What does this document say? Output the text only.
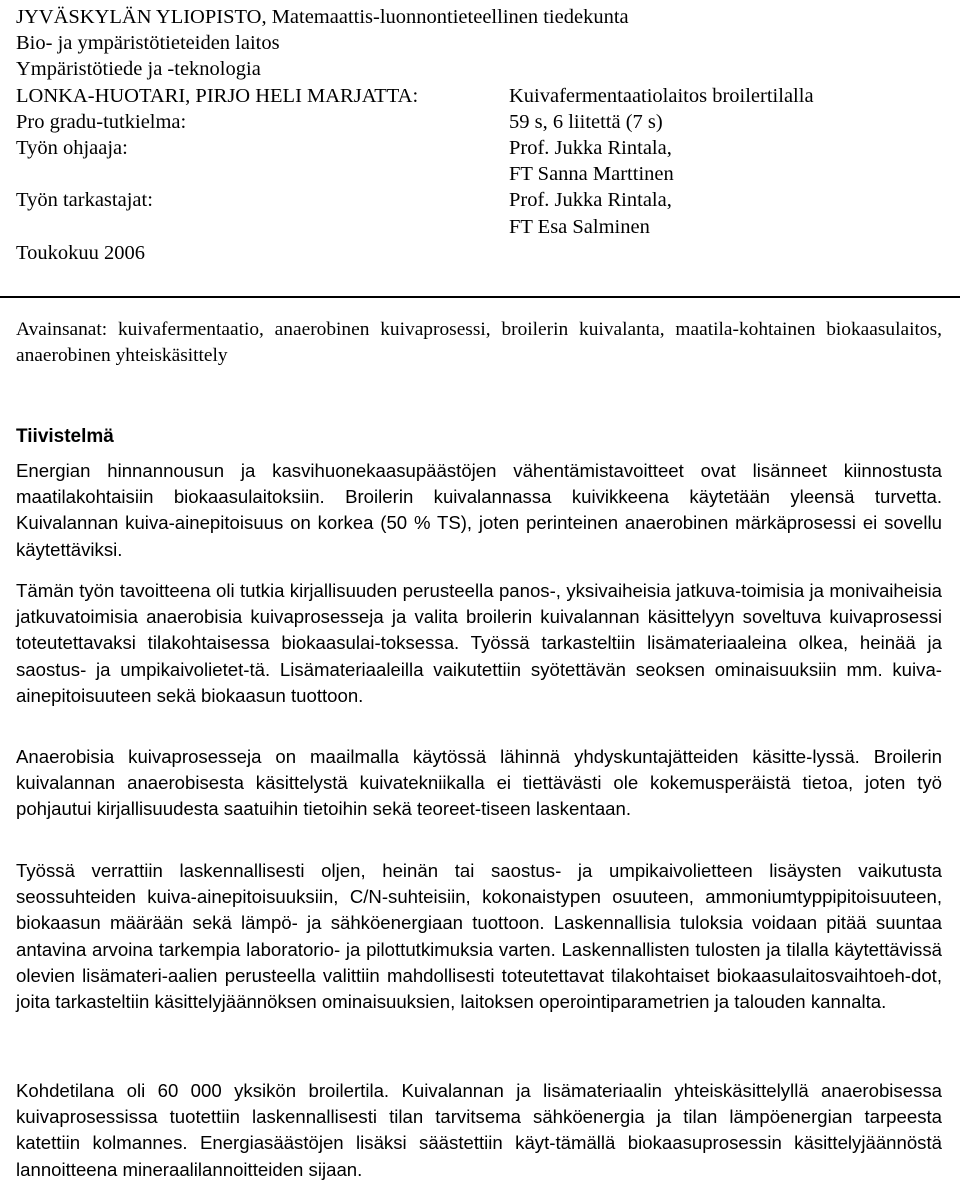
JYVÄSKYLÄN YLIOPISTO, Matemaattis-luonnontieteellinen tiedekunta
Bio- ja ympäristötieteiden laitos
Ympäristötiede ja -teknologia
LONKA-HUOTARI, PIRJO HELI MARJATTA:	Kuivafermentaatiolaitos broilertilalla
Pro gradu-tutkielma:	59 s, 6 liitettä (7 s)
Työn ohjaaja:	Prof. Jukka Rintala,
FT Sanna Marttinen
Työn tarkastajat:	Prof. Jukka Rintala,
FT Esa Salminen
Toukokuu 2006
Avainsanat: kuivafermentaatio, anaerobinen kuivaprosessi, broilerin kuivalanta, maatila-kohtainen biokaasulaitos, anaerobinen yhteiskäsittely
Tiivistelmä

Energian hinnannousun ja kasvihuonekaasupäästöjen vähentämistavoitteet ovat lisänneet kiinnostusta maatilakohtaisiin biokaasulaitoksiin. Broilerin kuivalannassa kuivikkeena käytetään yleensä turvetta. Kuivalannan kuiva-ainepitoisuus on korkea (50 % TS), joten perinteinen anaerobinen märkäprosessi ei sovellu käytettäviksi.

Tämän työn tavoitteena oli tutkia kirjallisuuden perusteella panos-, yksivaiheisia jatkuva-toimisia ja monivaiheisia jatkuvatoimisia anaerobisia kuivaprosesseja ja valita broilerin kuivalannan käsittelyyn soveltuva kuivaprosessi toteutettavaksi tilakohtaisessa biokaasulai-toksessa. Työssä tarkasteltiin lisämateriaaleina olkea, heinää ja saostus- ja umpikaivolietet-tä. Lisämateriaaleilla vaikutettiin syötettävän seoksen ominaisuuksiin mm. kuiva-ainepitoisuuteen sekä biokaasun tuottoon.

Anaerobisia kuivaprosesseja on maailmalla käytössä lähinnä yhdyskuntajätteiden käsitte-lyssä. Broilerin kuivalannan anaerobisesta käsittelystä kuivatekniikalla ei tiettävästi ole kokemusperäistä tietoa, joten työ pohjautui kirjallisuudesta saatuihin tietoihin sekä teoreet-tiseen laskentaan.

Työssä verrattiin laskennallisesti oljen, heinän tai saostus- ja umpikaivolietteen lisäysten vaikutusta seossuhteiden kuiva-ainepitoisuuksiin, C/N-suhteisiin, kokonaistypen osuuteen, ammoniumtyppipitoisuuteen, biokaasun määrään sekä lämpö- ja sähköenergiaan tuottoon. Laskennallisia tuloksia voidaan pitää suuntaa antavina arvoina tarkempia laboratorio- ja pilottutkimuksia varten. Laskennallisten tulosten ja tilalla käytettävissä olevien lisämateri-aalien perusteella valittiin mahdollisesti toteutettavat tilakohtaiset biokaasulaitosvaihtoeh-dot, joita tarkasteltiin käsittelyjäännöksen ominaisuuksien, laitoksen operointiparametrien ja talouden kannalta.

Kohdetilana oli 60 000 yksikön broilertila. Kuivalannan ja lisämateriaalin yhteiskäsittelyllä anaerobisessa kuivaprosessissa tuotettiin laskennallisesti tilan tarvitsema sähköenergia ja tilan lämpöenergian tarpeesta katettiin kolmannes. Energiasäästöjen lisäksi säästettiin käyt-tämällä biokaasuprosessin käsittelyjäännöstä lannoitteena mineraalilannoitteiden sijaan.
